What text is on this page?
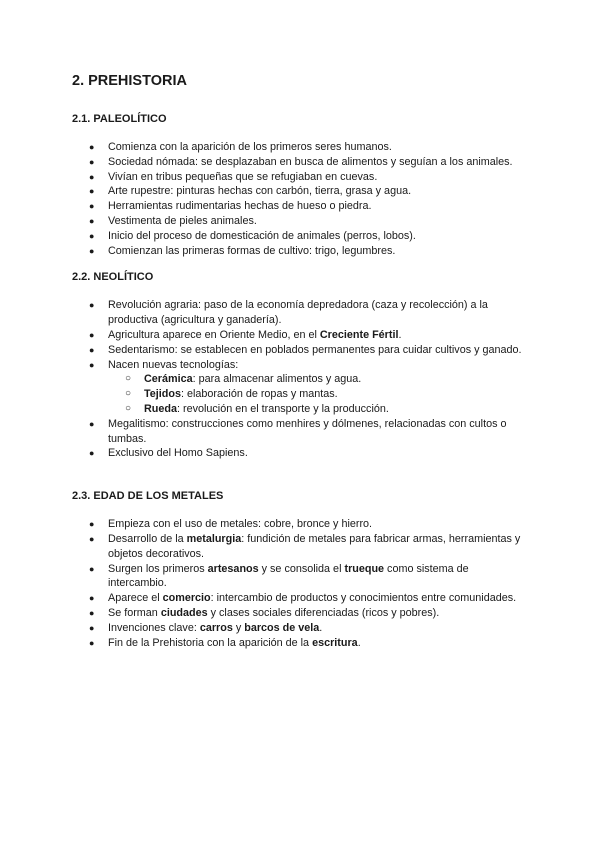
2. PREHISTORIA
2.1. PALEOLÍTICO
● Comienza con la aparición de los primeros seres humanos.
● Sociedad nómada: se desplazaban en busca de alimentos y seguían a los animales.
● Vivían en tribus pequeñas que se refugiaban en cuevas.
● Arte rupestre: pinturas hechas con carbón, tierra, grasa y agua.
● Herramientas rudimentarias hechas de hueso o piedra.
● Vestimenta de pieles animales.
● Inicio del proceso de domesticación de animales (perros, lobos).
● Comienzan las primeras formas de cultivo: trigo, legumbres.
2.2. NEOLÍTICO
● Revolución agraria: paso de la economía depredadora (caza y recolección) a la productiva (agricultura y ganadería).
● Agricultura aparece en Oriente Medio, en el Creciente Fértil.
● Sedentarismo: se establecen en poblados permanentes para cuidar cultivos y ganado.
● Nacen nuevas tecnologías:
○ Cerámica: para almacenar alimentos y agua.
○ Tejidos: elaboración de ropas y mantas.
○ Rueda: revolución en el transporte y la producción.
● Megalitismo: construcciones como menhires y dólmenes, relacionadas con cultos o tumbas.
● Exclusivo del Homo Sapiens.
2.3. EDAD DE LOS METALES
● Empieza con el uso de metales: cobre, bronce y hierro.
● Desarrollo de la metalurgia: fundición de metales para fabricar armas, herramientas y objetos decorativos.
● Surgen los primeros artesanos y se consolida el trueque como sistema de intercambio.
● Aparece el comercio: intercambio de productos y conocimientos entre comunidades.
● Se forman ciudades y clases sociales diferenciadas (ricos y pobres).
● Invenciones clave: carros y barcos de vela.
● Fin de la Prehistoria con la aparición de la escritura.
